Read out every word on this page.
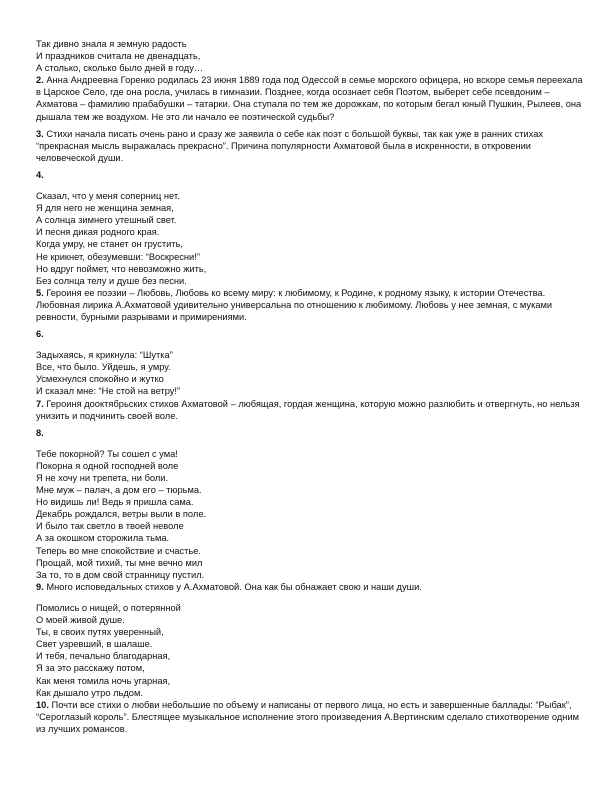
Так дивно знала я земную радость
И праздников считала не двенадцать,
А столько, сколько было дней в году…

2. Анна Андреевна Горенко родилась 23 июня 1889 года под Одессой в семье морского офицера, но вскоре семья переехала в Царское Село, где она росла, училась в гимназии. Позднее, когда осознает себя Поэтом, выберет себе псевдоним – Ахматова – фамилию прабабушки – татарки. Она ступала по тем же дорожкам, по которым бегал юный Пушкин, Рылеев, она дышала тем же воздухом. Не это ли начало ее поэтической судьбы?

3. Стихи начала писать очень рано и сразу же заявила о себе как поэт с большой буквы, так как уже в ранних стихах “прекрасная мысль выражалась прекрасно”. Причина популярности Ахматовой была в искренности, в откровении человеческой души.

4.

Сказал, что у меня соперниц нет.
Я для него не женщина земная,
А солнца зимнего утешный свет.
И песня дикая родного края.
Когда умру, не станет он грустить,
Не крикнет, обезумевши: “Воскресни!”
Но вдруг поймет, что невозможно жить,
Без солнца телу и душе без песни.

5. Героиня ее поэзии – Любовь, Любовь ко всему миру: к любимому, к Родине, к родному языку, к истории Отечества. Любовная лирика А.Ахматовой удивительно универсальна по отношению к любимому. Любовь у нее земная, с муками ревности, бурными разрывами и примирениями.

6.

Задыхаясь, я крикнула: “Шутка”
Все, что было. Уйдешь, я умру.
Усмехнулся спокойно и жутко
И сказал мне: “Не стой на ветру!”

7. Героиня дооктябрьских стихов Ахматовой – любящая, гордая женщина, которую можно разлюбить и отвергнуть, но нельзя унизить и подчинить своей воле.

8.

Тебе покорной? Ты сошел с ума!
Покорна я одной господней воле
Я не хочу ни трепета, ни боли.
Мне муж – палач, а дом его – тюрьма.
Но видишь ли! Ведь я пришла сама.
Декабрь рождался, ветры выли в поле.
И было так светло в твоей неволе
А за окошком сторожила тьма.
Теперь во мне спокойствие и счастье.
Прощай, мой тихий, ты мне вечно мил
За то, то в дом свой странницу пустил.

9. Много исповедальных стихов у А.Ахматовой. Она как бы обнажает свою и наши души.

Помолись о нищей, о потерянной
О моей живой душе.
Ты, в своих путях уверенный,
Свет узревший, в шалаше.
И тебя, печально благодарная,
Я за это расскажу потом,
Как меня томила ночь угарная,
Как дышало утро льдом.

10. Почти все стихи о любви небольшие по объему и написаны от первого лица, но есть и завершенные баллады: “Рыбак”, “Сероглазый король”. Блестящее музыкальное исполнение этого произведения А.Вертинским сделало стихотворение одним из лучших романсов.
